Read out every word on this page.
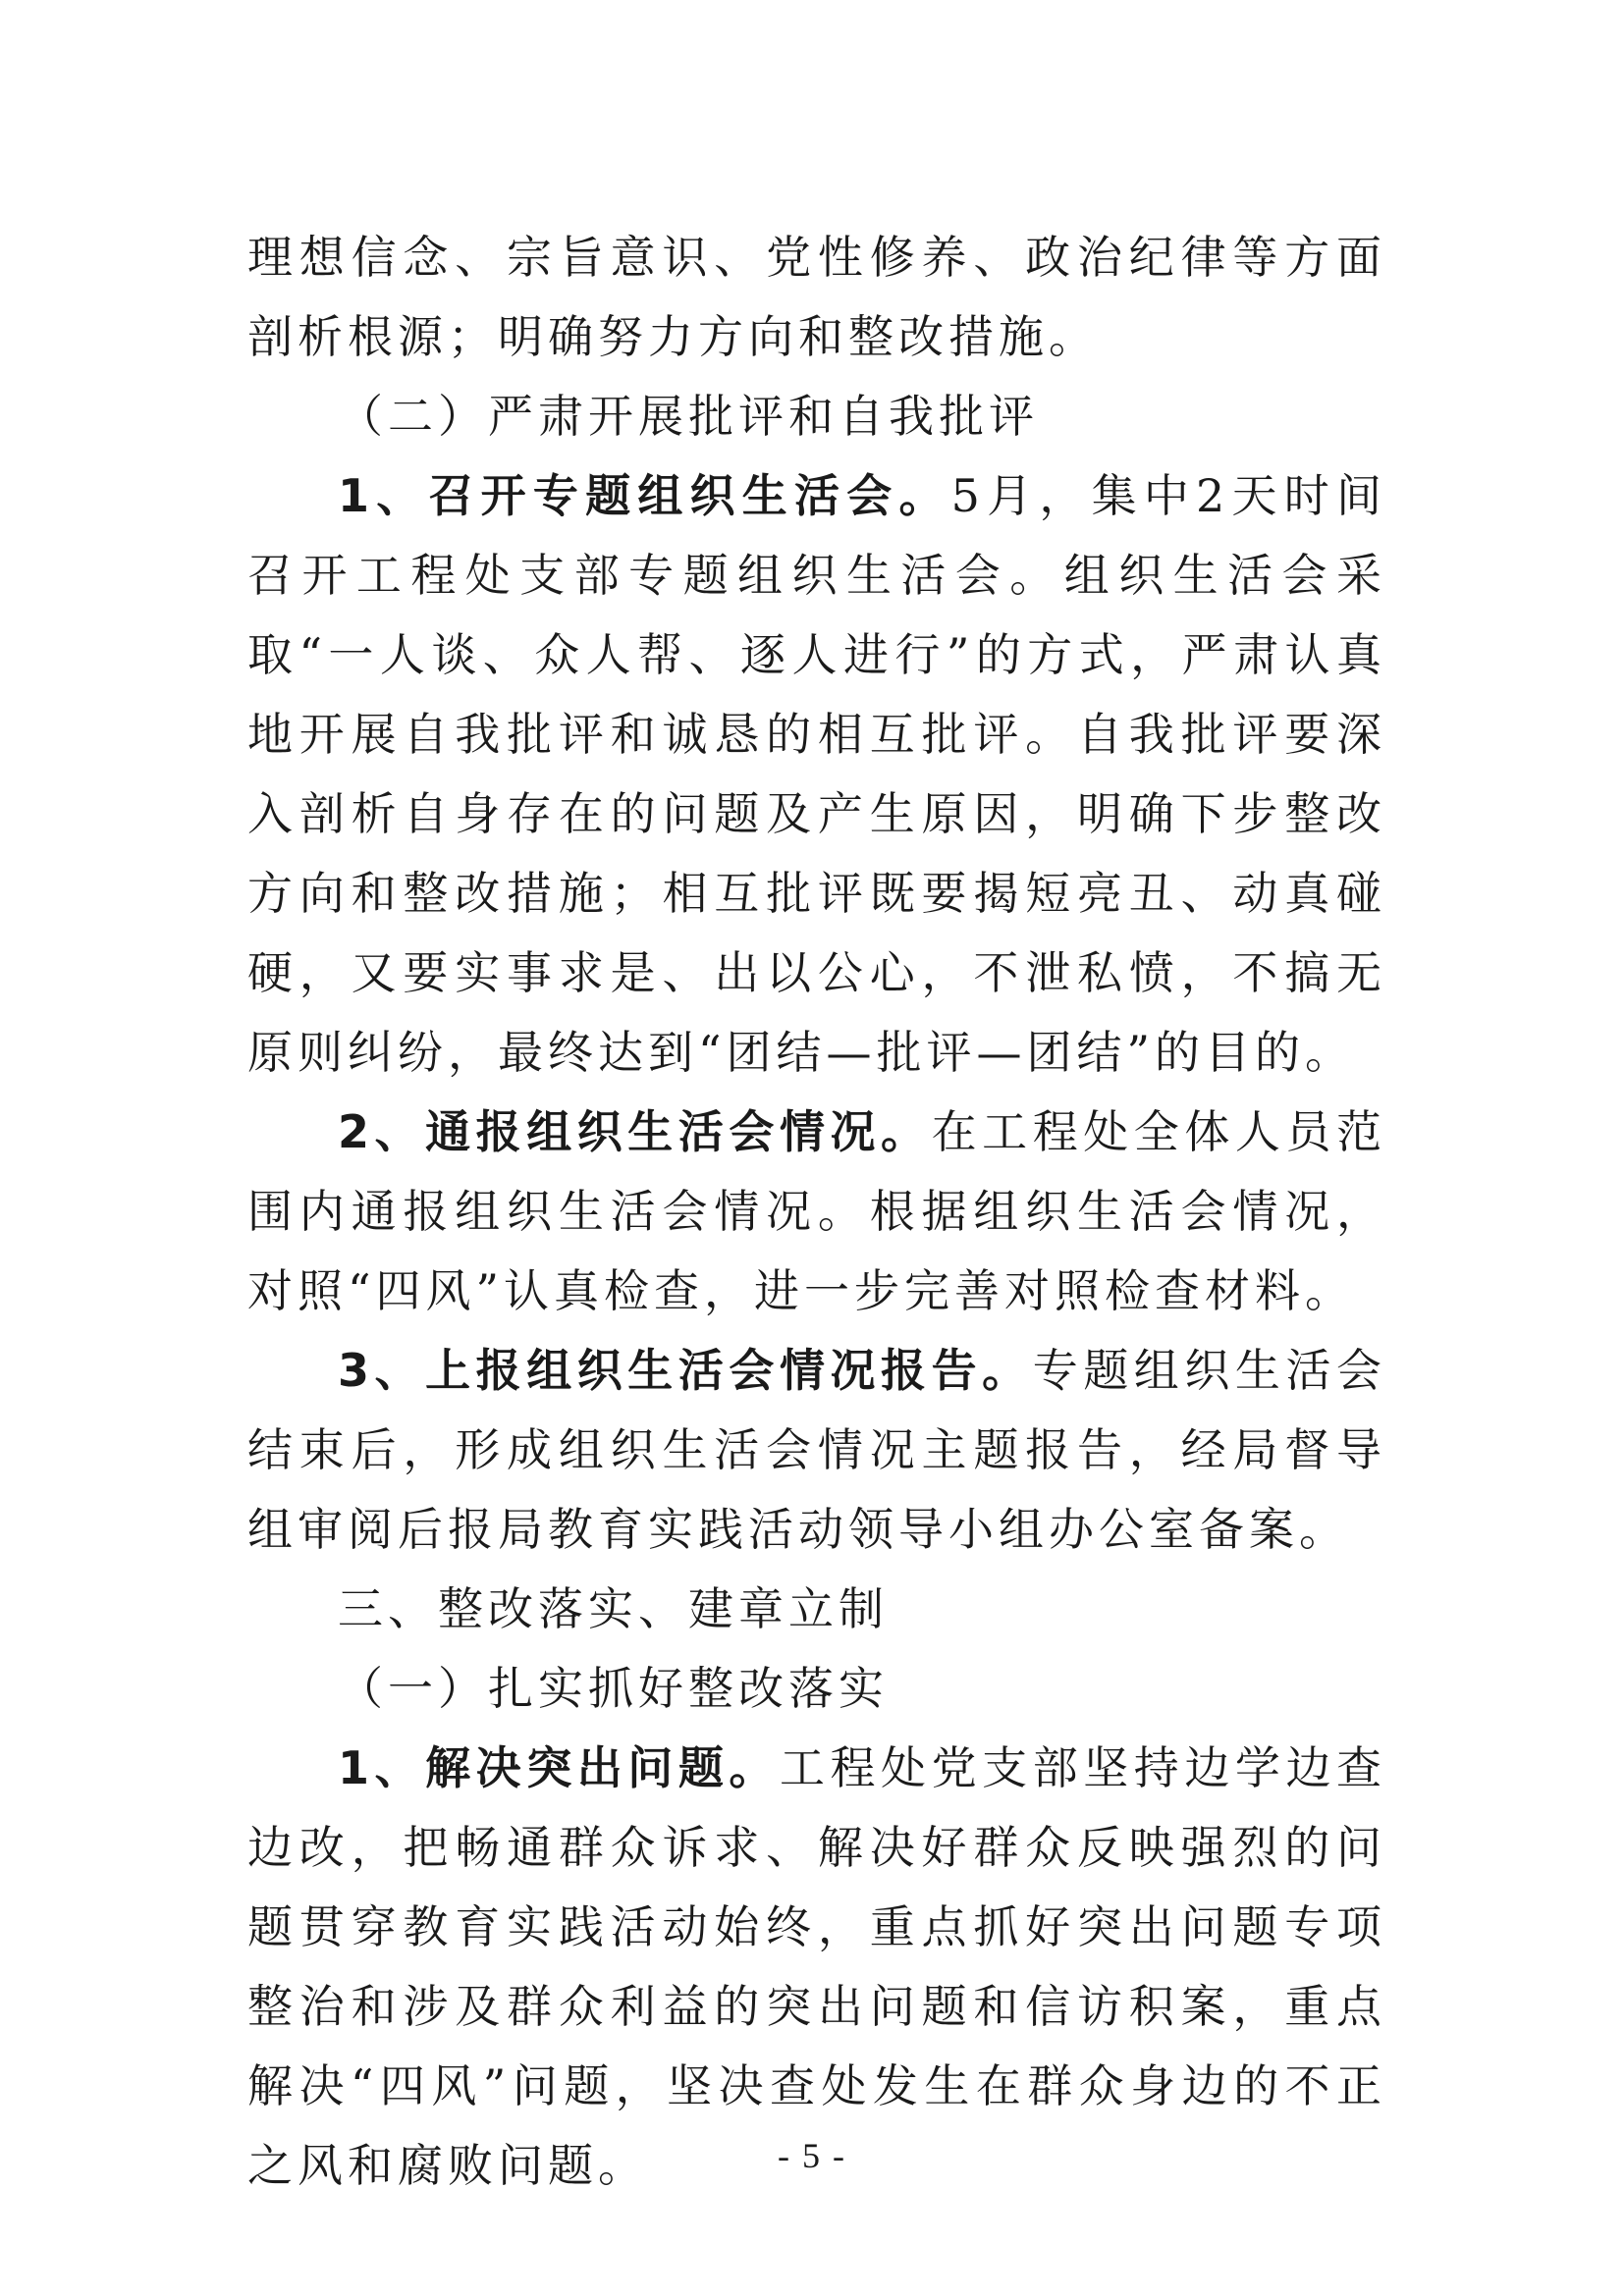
理想信念、宗旨意识、党性修养、政治纪律等方面剖析根源；明确努力方向和整改措施。

（二）严肃开展批评和自我批评

1、召开专题组织生活会。5月，集中2天时间召开工程处支部专题组织生活会。组织生活会采取“一人谈、众人帮、逐人进行”的方式，严肃认真地开展自我批评和诚恳的相互批评。自我批评要深入剖析自身存在的问题及产生原因，明确下步整改方向和整改措施；相互批评既要揭短亮丑、动真碰硬，又要实事求是、出以公心，不泄私愤，不搞无原则纠纷，最终达到“团结—批评—团结”的目的。

2、通报组织生活会情况。在工程处全体人员范围内通报组织生活会情况。根据组织生活会情况，对照“四风”认真检查，进一步完善对照检查材料。

3、上报组织生活会情况报告。专题组织生活会结束后，形成组织生活会情况主题报告，经局督导组审阅后报局教育实践活动领导小组办公室备案。

三、整改落实、建章立制

（一）扎实抓好整改落实

1、解决突出问题。工程处党支部坚持边学边查边改，把畅通群众诉求、解决好群众反映强烈的问题贯穿教育实践活动始终，重点抓好突出问题专项整治和涉及群众利益的突出问题和信访积案，重点解决“四风”问题，坚决查处发生在群众身边的不正之风和腐败问题。	- 5 -
